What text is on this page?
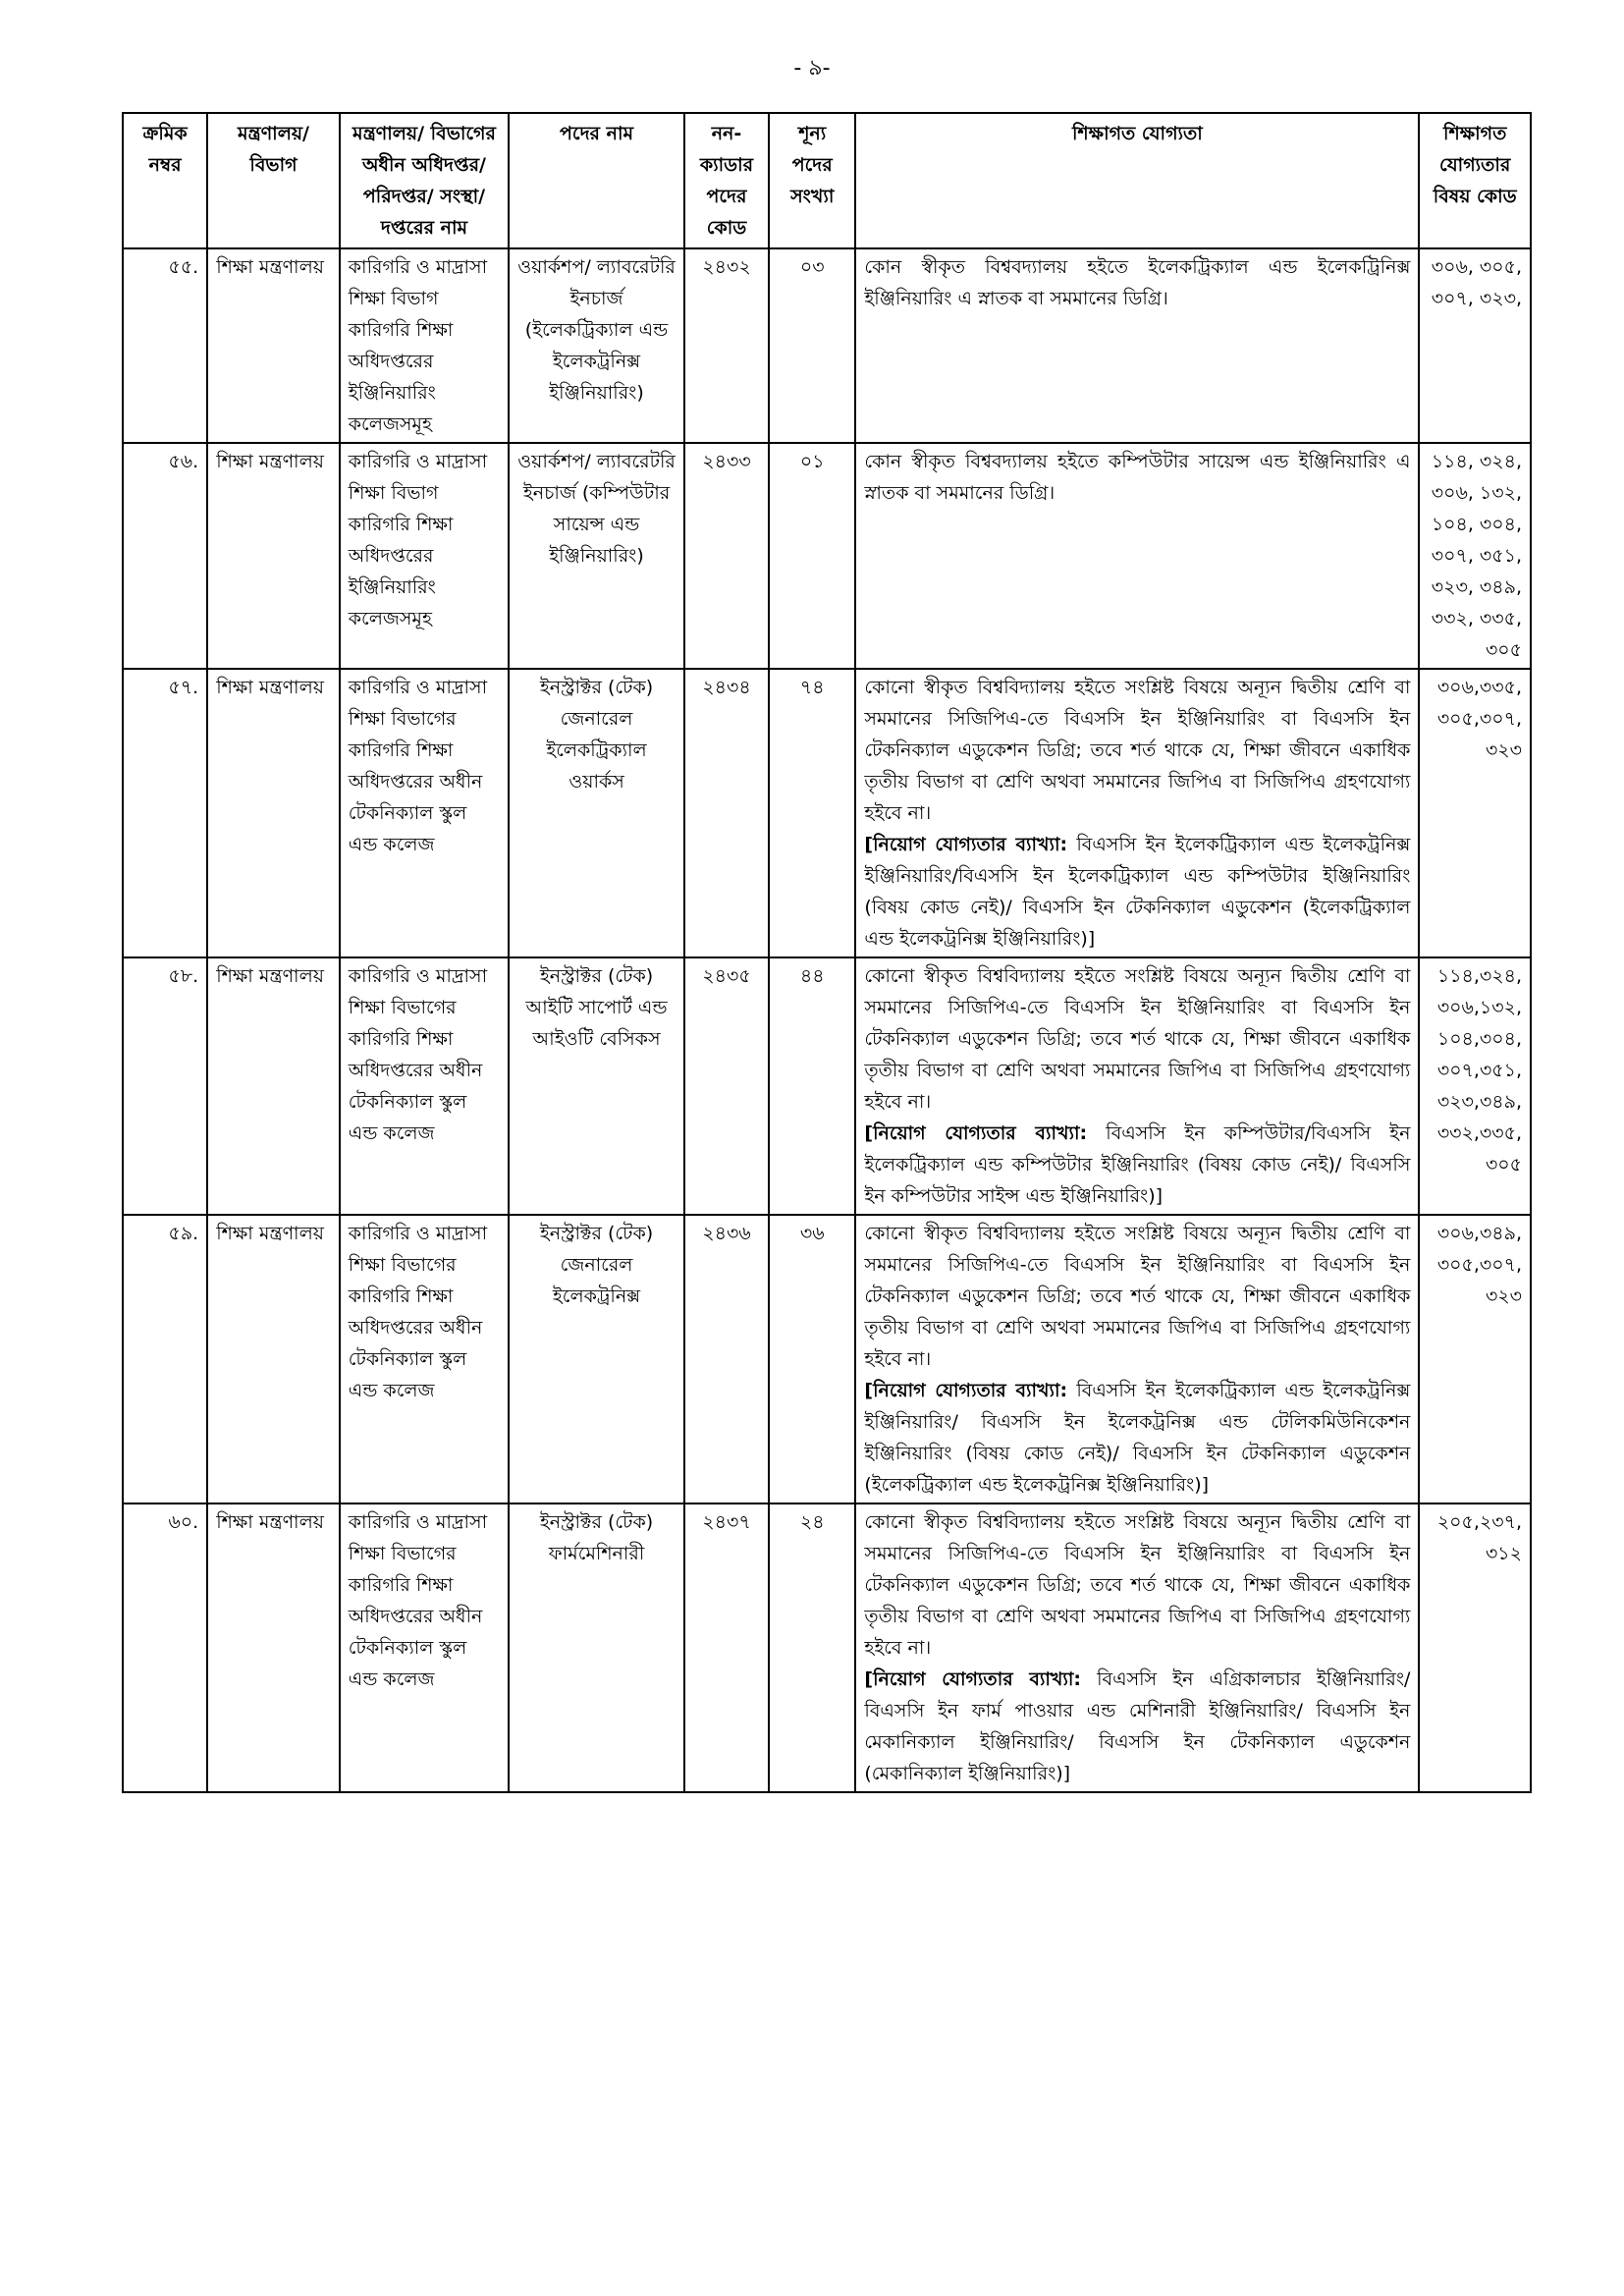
- ৯-
ক্রমিক নম্বর	মন্ত্রণালয়/ বিভাগ	মন্ত্রণালয়/ বিভাগের অধীন অধিদপ্তর/ পরিদপ্তর/ সংস্থা/ দপ্তরের নাম	পদের নাম	নন-ক্যাডার পদের কোড	শূন্য পদের সংখ্যা	শিক্ষাগত যোগ্যতা	শিক্ষাগত যোগ্যতার বিষয় কোড
৫৫.	শিক্ষা মন্ত্রণালয়	কারিগরি ও মাদ্রাসা শিক্ষা বিভাগ কারিগরি শিক্ষা অধিদপ্তরের ইঞ্জিনিয়ারিং কলেজসমূহ	ওয়ার্কশপ/ ল্যাবরেটরি ইনচার্জ (ইলেকট্রিক্যাল এন্ড ইলেকট্রনিক্স ইঞ্জিনিয়ারিং)	২৪৩২	০৩	কোন স্বীকৃত বিশ্ববদ্যালয় হইতে ইলেকট্রিক্যাল এন্ড ইলেকট্রিনিক্স ইঞ্জিনিয়ারিং এ স্নাতক বা সমমানের ডিগ্রি।	৩০৬, ৩০৫, ৩০৭, ৩২৩,
৫৬.	শিক্ষা মন্ত্রণালয়	কারিগরি ও মাদ্রাসা শিক্ষা বিভাগ কারিগরি শিক্ষা অধিদপ্তরের ইঞ্জিনিয়ারিং কলেজসমূহ	ওয়ার্কশপ/ ল্যাবরেটরি ইনচার্জ (কম্পিউটার সায়েন্স এন্ড ইঞ্জিনিয়ারিং)	২৪৩৩	০১	কোন স্বীকৃত বিশ্ববদ্যালয় হইতে কম্পিউটার সায়েন্স এন্ড ইঞ্জিনিয়ারিং এ স্নাতক বা সমমানের ডিগ্রি।	১১৪, ৩২৪, ৩০৬, ১৩২, ১০৪, ৩০৪, ৩০৭, ৩৫১, ৩২৩, ৩৪৯, ৩৩২, ৩৩৫, ৩০৫
৫৭.	শিক্ষা মন্ত্রণালয়	কারিগরি ও মাদ্রাসা শিক্ষা বিভাগের কারিগরি শিক্ষা অধিদপ্তরের অধীন টেকনিক্যাল স্কুল এন্ড কলেজ	ইনস্ট্রাক্টর (টেক) জেনারেল ইলেকট্রিক্যাল ওয়ার্কস	২৪৩৪	৭৪	কোনো স্বীকৃত বিশ্ববিদ্যালয় হইতে সংশ্লিষ্ট বিষয়ে অন্যূন দ্বিতীয় শ্রেণি বা সমমানের সিজিপিএ-তে বিএসসি ইন ইঞ্জিনিয়ারিং বা বিএসসি ইন টেকনিক্যাল এডুকেশন ডিগ্রি; তবে শর্ত থাকে যে, শিক্ষা জীবনে একাধিক তৃতীয় বিভাগ বা শ্রেণি অথবা সমমানের জিপিএ বা সিজিপিএ গ্রহণযোগ্য হইবে না।
[নিয়োগ যোগ্যতার ব্যাখ্যা: বিএসসি ইন ইলেকট্রিক্যাল এন্ড ইলেকট্রনিক্স ইঞ্জিনিয়ারিং/বিএসসি ইন ইলেকট্রিক্যাল এন্ড কম্পিউটার ইঞ্জিনিয়ারিং (বিষয় কোড নেই)/ বিএসসি ইন টেকনিক্যাল এডুকেশন (ইলেকট্রিক্যাল এন্ড ইলেকট্রনিক্স ইঞ্জিনিয়ারিং)]	৩০৬,৩৩৫, ৩০৫,৩০৭, ৩২৩
৫৮.	শিক্ষা মন্ত্রণালয়	কারিগরি ও মাদ্রাসা শিক্ষা বিভাগের কারিগরি শিক্ষা অধিদপ্তরের অধীন টেকনিক্যাল স্কুল এন্ড কলেজ	ইনস্ট্রাক্টর (টেক) আইটি সাপোর্ট এন্ড আইওটি বেসিকস	২৪৩৫	৪৪	কোনো স্বীকৃত বিশ্ববিদ্যালয় হইতে সংশ্লিষ্ট বিষয়ে অন্যূন দ্বিতীয় শ্রেণি বা সমমানের সিজিপিএ-তে বিএসসি ইন ইঞ্জিনিয়ারিং বা বিএসসি ইন টেকনিক্যাল এডুকেশন ডিগ্রি; তবে শর্ত থাকে যে, শিক্ষা জীবনে একাধিক তৃতীয় বিভাগ বা শ্রেণি অথবা সমমানের জিপিএ বা সিজিপিএ গ্রহণযোগ্য হইবে না।
[নিয়োগ যোগ্যতার ব্যাখ্যা: বিএসসি ইন কম্পিউটার/বিএসসি ইন ইলেকট্রিক্যাল এন্ড কম্পিউটার ইঞ্জিনিয়ারিং (বিষয় কোড নেই)/ বিএসসি ইন কম্পিউটার সাইন্স এন্ড ইঞ্জিনিয়ারিং)]	১১৪,৩২৪, ৩০৬,১৩২, ১০৪,৩০৪, ৩০৭,৩৫১, ৩২৩,৩৪৯, ৩৩২,৩৩৫, ৩০৫
৫৯.	শিক্ষা মন্ত্রণালয়	কারিগরি ও মাদ্রাসা শিক্ষা বিভাগের কারিগরি শিক্ষা অধিদপ্তরের অধীন টেকনিক্যাল স্কুল এন্ড কলেজ	ইনস্ট্রাক্টর (টেক) জেনারেল ইলেকট্রনিক্স	২৪৩৬	৩৬	কোনো স্বীকৃত বিশ্ববিদ্যালয় হইতে সংশ্লিষ্ট বিষয়ে অন্যূন দ্বিতীয় শ্রেণি বা সমমানের সিজিপিএ-তে বিএসসি ইন ইঞ্জিনিয়ারিং বা বিএসসি ইন টেকনিক্যাল এডুকেশন ডিগ্রি; তবে শর্ত থাকে যে, শিক্ষা জীবনে একাধিক তৃতীয় বিভাগ বা শ্রেণি অথবা সমমানের জিপিএ বা সিজিপিএ গ্রহণযোগ্য হইবে না।
[নিয়োগ যোগ্যতার ব্যাখ্যা: বিএসসি ইন ইলেকট্রিক্যাল এন্ড ইলেকট্রনিক্স ইঞ্জিনিয়ারিং/ বিএসসি ইন ইলেকট্রনিক্স এন্ড টেলিকমিউনিকেশন ইঞ্জিনিয়ারিং (বিষয় কোড নেই)/ বিএসসি ইন টেকনিক্যাল এডুকেশন (ইলেকট্রিক্যাল এন্ড ইলেকট্রনিক্স ইঞ্জিনিয়ারিং)]	৩০৬,৩৪৯, ৩০৫,৩০৭, ৩২৩
৬০.	শিক্ষা মন্ত্রণালয়	কারিগরি ও মাদ্রাসা শিক্ষা বিভাগের কারিগরি শিক্ষা অধিদপ্তরের অধীন টেকনিক্যাল স্কুল এন্ড কলেজ	ইনস্ট্রাক্টর (টেক) ফার্মমেশিনারী	২৪৩৭	২৪	কোনো স্বীকৃত বিশ্ববিদ্যালয় হইতে সংশ্লিষ্ট বিষয়ে অন্যূন দ্বিতীয় শ্রেণি বা সমমানের সিজিপিএ-তে বিএসসি ইন ইঞ্জিনিয়ারিং বা বিএসসি ইন টেকনিক্যাল এডুকেশন ডিগ্রি; তবে শর্ত থাকে যে, শিক্ষা জীবনে একাধিক তৃতীয় বিভাগ বা শ্রেণি অথবা সমমানের জিপিএ বা সিজিপিএ গ্রহণযোগ্য হইবে না।
[নিয়োগ যোগ্যতার ব্যাখ্যা: বিএসসি ইন এগ্রিকালচার ইঞ্জিনিয়ারিং/ বিএসসি ইন ফার্ম পাওয়ার এন্ড মেশিনারী ইঞ্জিনিয়ারিং/ বিএসসি ইন মেকানিক্যাল ইঞ্জিনিয়ারিং/ বিএসসি ইন টেকনিক্যাল এডুকেশন (মেকানিক্যাল ইঞ্জিনিয়ারিং)]	২০৫,২৩৭, ৩১২
